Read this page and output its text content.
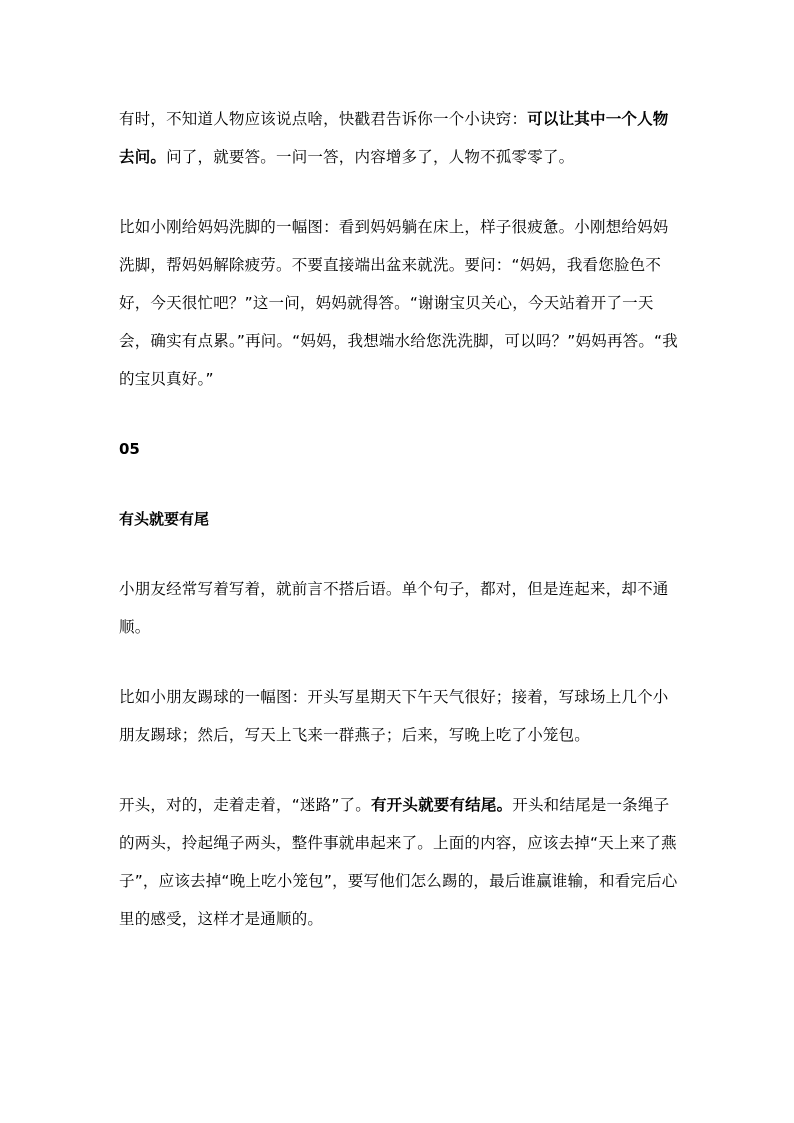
有时，不知道人物应该说点啥，快戳君告诉你一个小诀窍：可以让其中一个人物去问。问了，就要答。一问一答，内容增多了，人物不孤零零了。

比如小刚给妈妈洗脚的一幅图：看到妈妈躺在床上，样子很疲惫。小刚想给妈妈洗脚，帮妈妈解除疲劳。不要直接端出盆来就洗。要问：“妈妈，我看您脸色不好，今天很忙吧？”这一问，妈妈就得答。“谢谢宝贝关心，今天站着开了一天会，确实有点累。”再问。“妈妈，我想端水给您洗洗脚，可以吗？”妈妈再答。“我的宝贝真好。”

05

有头就要有尾

小朋友经常写着写着，就前言不搭后语。单个句子，都对，但是连起来，却不通顺。

比如小朋友踢球的一幅图：开头写星期天下午天气很好；接着，写球场上几个小朋友踢球；然后，写天上飞来一群燕子；后来，写晚上吃了小笼包。

开头，对的，走着走着，“迷路”了。有开头就要有结尾。开头和结尾是一条绳子的两头，拎起绳子两头，整件事就串起来了。上面的内容，应该去掉“天上来了燕子”，应该去掉“晚上吃小笼包”，要写他们怎么踢的，最后谁赢谁输，和看完后心里的感受，这样才是通顺的。
